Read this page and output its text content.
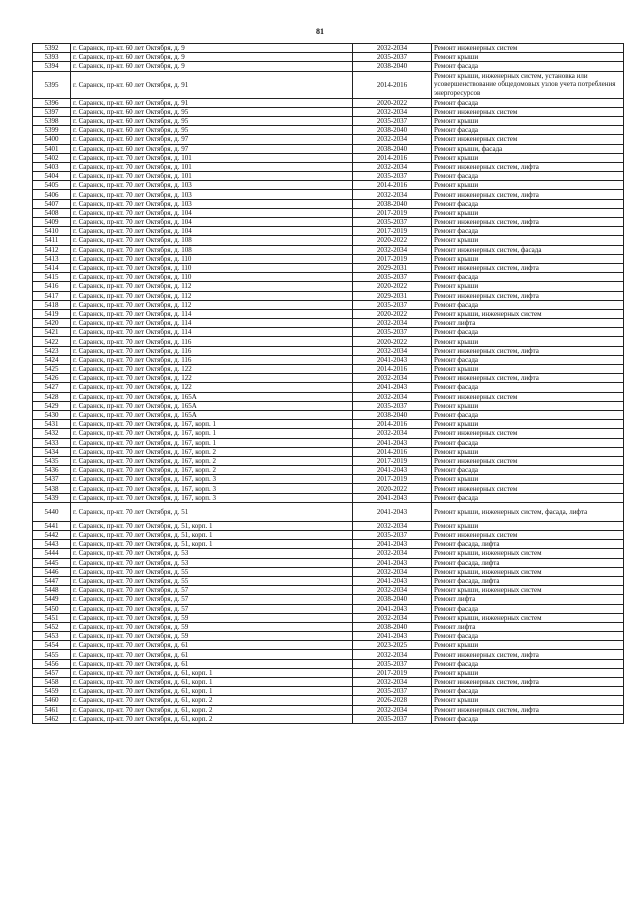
81
5392	г. Саранск, пр-кт. 60 лет Октября, д. 9	2032-2034	Ремонт инженерных систем
5393	г. Саранск, пр-кт. 60 лет Октября, д. 9	2035-2037	Ремонт крыши
5394	г. Саранск, пр-кт. 60 лет Октября, д. 9	2038-2040	Ремонт фасада
5395	г. Саранск, пр-кт. 60 лет Октября, д. 91	2014-2016	Ремонт крыши, инженерных систем, установка или усовершенствование общедомовых узлов учета потребления энергоресурсов
5396	г. Саранск, пр-кт. 60 лет Октября, д. 91	2020-2022	Ремонт фасада
5397	г. Саранск, пр-кт. 60 лет Октября, д. 95	2032-2034	Ремонт инженерных систем
5398	г. Саранск, пр-кт. 60 лет Октября, д. 95	2035-2037	Ремонт крыши
5399	г. Саранск, пр-кт. 60 лет Октября, д. 95	2038-2040	Ремонт фасада
5400	г. Саранск, пр-кт. 60 лет Октября, д. 97	2032-2034	Ремонт инженерных систем
5401	г. Саранск, пр-кт. 60 лет Октября, д. 97	2038-2040	Ремонт крыши, фасада
5402	г. Саранск, пр-кт. 70 лет Октября, д. 101	2014-2016	Ремонт крыши
5403	г. Саранск, пр-кт. 70 лет Октября, д. 101	2032-2034	Ремонт инженерных систем, лифта
5404	г. Саранск, пр-кт. 70 лет Октября, д. 101	2035-2037	Ремонт фасада
5405	г. Саранск, пр-кт. 70 лет Октября, д. 103	2014-2016	Ремонт крыши
5406	г. Саранск, пр-кт. 70 лет Октября, д. 103	2032-2034	Ремонт инженерных систем, лифта
5407	г. Саранск, пр-кт. 70 лет Октября, д. 103	2038-2040	Ремонт фасада
5408	г. Саранск, пр-кт. 70 лет Октября, д. 104	2017-2019	Ремонт крыши
5409	г. Саранск, пр-кт. 70 лет Октября, д. 104	2035-2037	Ремонт инженерных систем, лифта
5410	г. Саранск, пр-кт. 70 лет Октября, д. 104	2017-2019	Ремонт фасада
5411	г. Саранск, пр-кт. 70 лет Октября, д. 108	2020-2022	Ремонт крыши
5412	г. Саранск, пр-кт. 70 лет Октября, д. 108	2032-2034	Ремонт инженерных систем, фасада
5413	г. Саранск, пр-кт. 70 лет Октября, д. 110	2017-2019	Ремонт крыши
5414	г. Саранск, пр-кт. 70 лет Октября, д. 110	2029-2031	Ремонт инженерных систем, лифта
5415	г. Саранск, пр-кт. 70 лет Октября, д. 110	2035-2037	Ремонт фасада
5416	г. Саранск, пр-кт. 70 лет Октября, д. 112	2020-2022	Ремонт крыши
5417	г. Саранск, пр-кт. 70 лет Октября, д. 112	2029-2031	Ремонт инженерных систем, лифта
5418	г. Саранск, пр-кт. 70 лет Октября, д. 112	2035-2037	Ремонт фасада
5419	г. Саранск, пр-кт. 70 лет Октября, д. 114	2020-2022	Ремонт крыши, инженерных систем
5420	г. Саранск, пр-кт. 70 лет Октября, д. 114	2032-2034	Ремонт лифта
5421	г. Саранск, пр-кт. 70 лет Октября, д. 114	2035-2037	Ремонт фасада
5422	г. Саранск, пр-кт. 70 лет Октября, д. 116	2020-2022	Ремонт крыши
5423	г. Саранск, пр-кт. 70 лет Октября, д. 116	2032-2034	Ремонт инженерных систем, лифта
5424	г. Саранск, пр-кт. 70 лет Октября, д. 116	2041-2043	Ремонт фасада
5425	г. Саранск, пр-кт. 70 лет Октября, д. 122	2014-2016	Ремонт крыши
5426	г. Саранск, пр-кт. 70 лет Октября, д. 122	2032-2034	Ремонт инженерных систем, лифта
5427	г. Саранск, пр-кт. 70 лет Октября, д. 122	2041-2043	Ремонт фасада
5428	г. Саранск, пр-кт. 70 лет Октября, д. 165А	2032-2034	Ремонт инженерных систем
5429	г. Саранск, пр-кт. 70 лет Октября, д. 165А	2035-2037	Ремонт крыши
5430	г. Саранск, пр-кт. 70 лет Октября, д. 165А	2038-2040	Ремонт фасада
5431	г. Саранск, пр-кт. 70 лет Октября, д. 167, корп. 1	2014-2016	Ремонт крыши
5432	г. Саранск, пр-кт. 70 лет Октября, д. 167, корп. 1	2032-2034	Ремонт инженерных систем
5433	г. Саранск, пр-кт. 70 лет Октября, д. 167, корп. 1	2041-2043	Ремонт фасада
5434	г. Саранск, пр-кт. 70 лет Октября, д. 167, корп. 2	2014-2016	Ремонт крыши
5435	г. Саранск, пр-кт. 70 лет Октября, д. 167, корп. 2	2017-2019	Ремонт инженерных систем
5436	г. Саранск, пр-кт. 70 лет Октября, д. 167, корп. 2	2041-2043	Ремонт фасада
5437	г. Саранск, пр-кт. 70 лет Октября, д. 167, корп. 3	2017-2019	Ремонт крыши
5438	г. Саранск, пр-кт. 70 лет Октября, д. 167, корп. 3	2020-2022	Ремонт инженерных систем
5439	г. Саранск, пр-кт. 70 лет Октября, д. 167, корп. 3	2041-2043	Ремонт фасада
5440	г. Саранск, пр-кт. 70 лет Октября, д. 51	2041-2043	Ремонт крыши, инженерных систем, фасада, лифта
5441	г. Саранск, пр-кт. 70 лет Октября, д. 51, корп. 1	2032-2034	Ремонт крыши
5442	г. Саранск, пр-кт. 70 лет Октября, д. 51, корп. 1	2035-2037	Ремонт инженерных систем
5443	г. Саранск, пр-кт. 70 лет Октября, д. 51, корп. 1	2041-2043	Ремонт фасада, лифта
5444	г. Саранск, пр-кт. 70 лет Октября, д. 53	2032-2034	Ремонт крыши, инженерных систем
5445	г. Саранск, пр-кт. 70 лет Октября, д. 53	2041-2043	Ремонт фасада, лифта
5446	г. Саранск, пр-кт. 70 лет Октября, д. 55	2032-2034	Ремонт крыши, инженерных систем
5447	г. Саранск, пр-кт. 70 лет Октября, д. 55	2041-2043	Ремонт фасада, лифта
5448	г. Саранск, пр-кт. 70 лет Октября, д. 57	2032-2034	Ремонт крыши, инженерных систем
5449	г. Саранск, пр-кт. 70 лет Октября, д. 57	2038-2040	Ремонт лифта
5450	г. Саранск, пр-кт. 70 лет Октября, д. 57	2041-2043	Ремонт фасада
5451	г. Саранск, пр-кт. 70 лет Октября, д. 59	2032-2034	Ремонт крыши, инженерных систем
5452	г. Саранск, пр-кт. 70 лет Октября, д. 59	2038-2040	Ремонт лифта
5453	г. Саранск, пр-кт. 70 лет Октября, д. 59	2041-2043	Ремонт фасада
5454	г. Саранск, пр-кт. 70 лет Октября, д. 61	2023-2025	Ремонт крыши
5455	г. Саранск, пр-кт. 70 лет Октября, д. 61	2032-2034	Ремонт инженерных систем, лифта
5456	г. Саранск, пр-кт. 70 лет Октября, д. 61	2035-2037	Ремонт фасада
5457	г. Саранск, пр-кт. 70 лет Октября, д. 61, корп. 1	2017-2019	Ремонт крыши
5458	г. Саранск, пр-кт. 70 лет Октября, д. 61, корп. 1	2032-2034	Ремонт инженерных систем, лифта
5459	г. Саранск, пр-кт. 70 лет Октября, д. 61, корп. 1	2035-2037	Ремонт фасада
5460	г. Саранск, пр-кт. 70 лет Октября, д. 61, корп. 2	2026-2028	Ремонт крыши
5461	г. Саранск, пр-кт. 70 лет Октября, д. 61, корп. 2	2032-2034	Ремонт инженерных систем, лифта
5462	г. Саранск, пр-кт. 70 лет Октября, д. 61, корп. 2	2035-2037	Ремонт фасада
